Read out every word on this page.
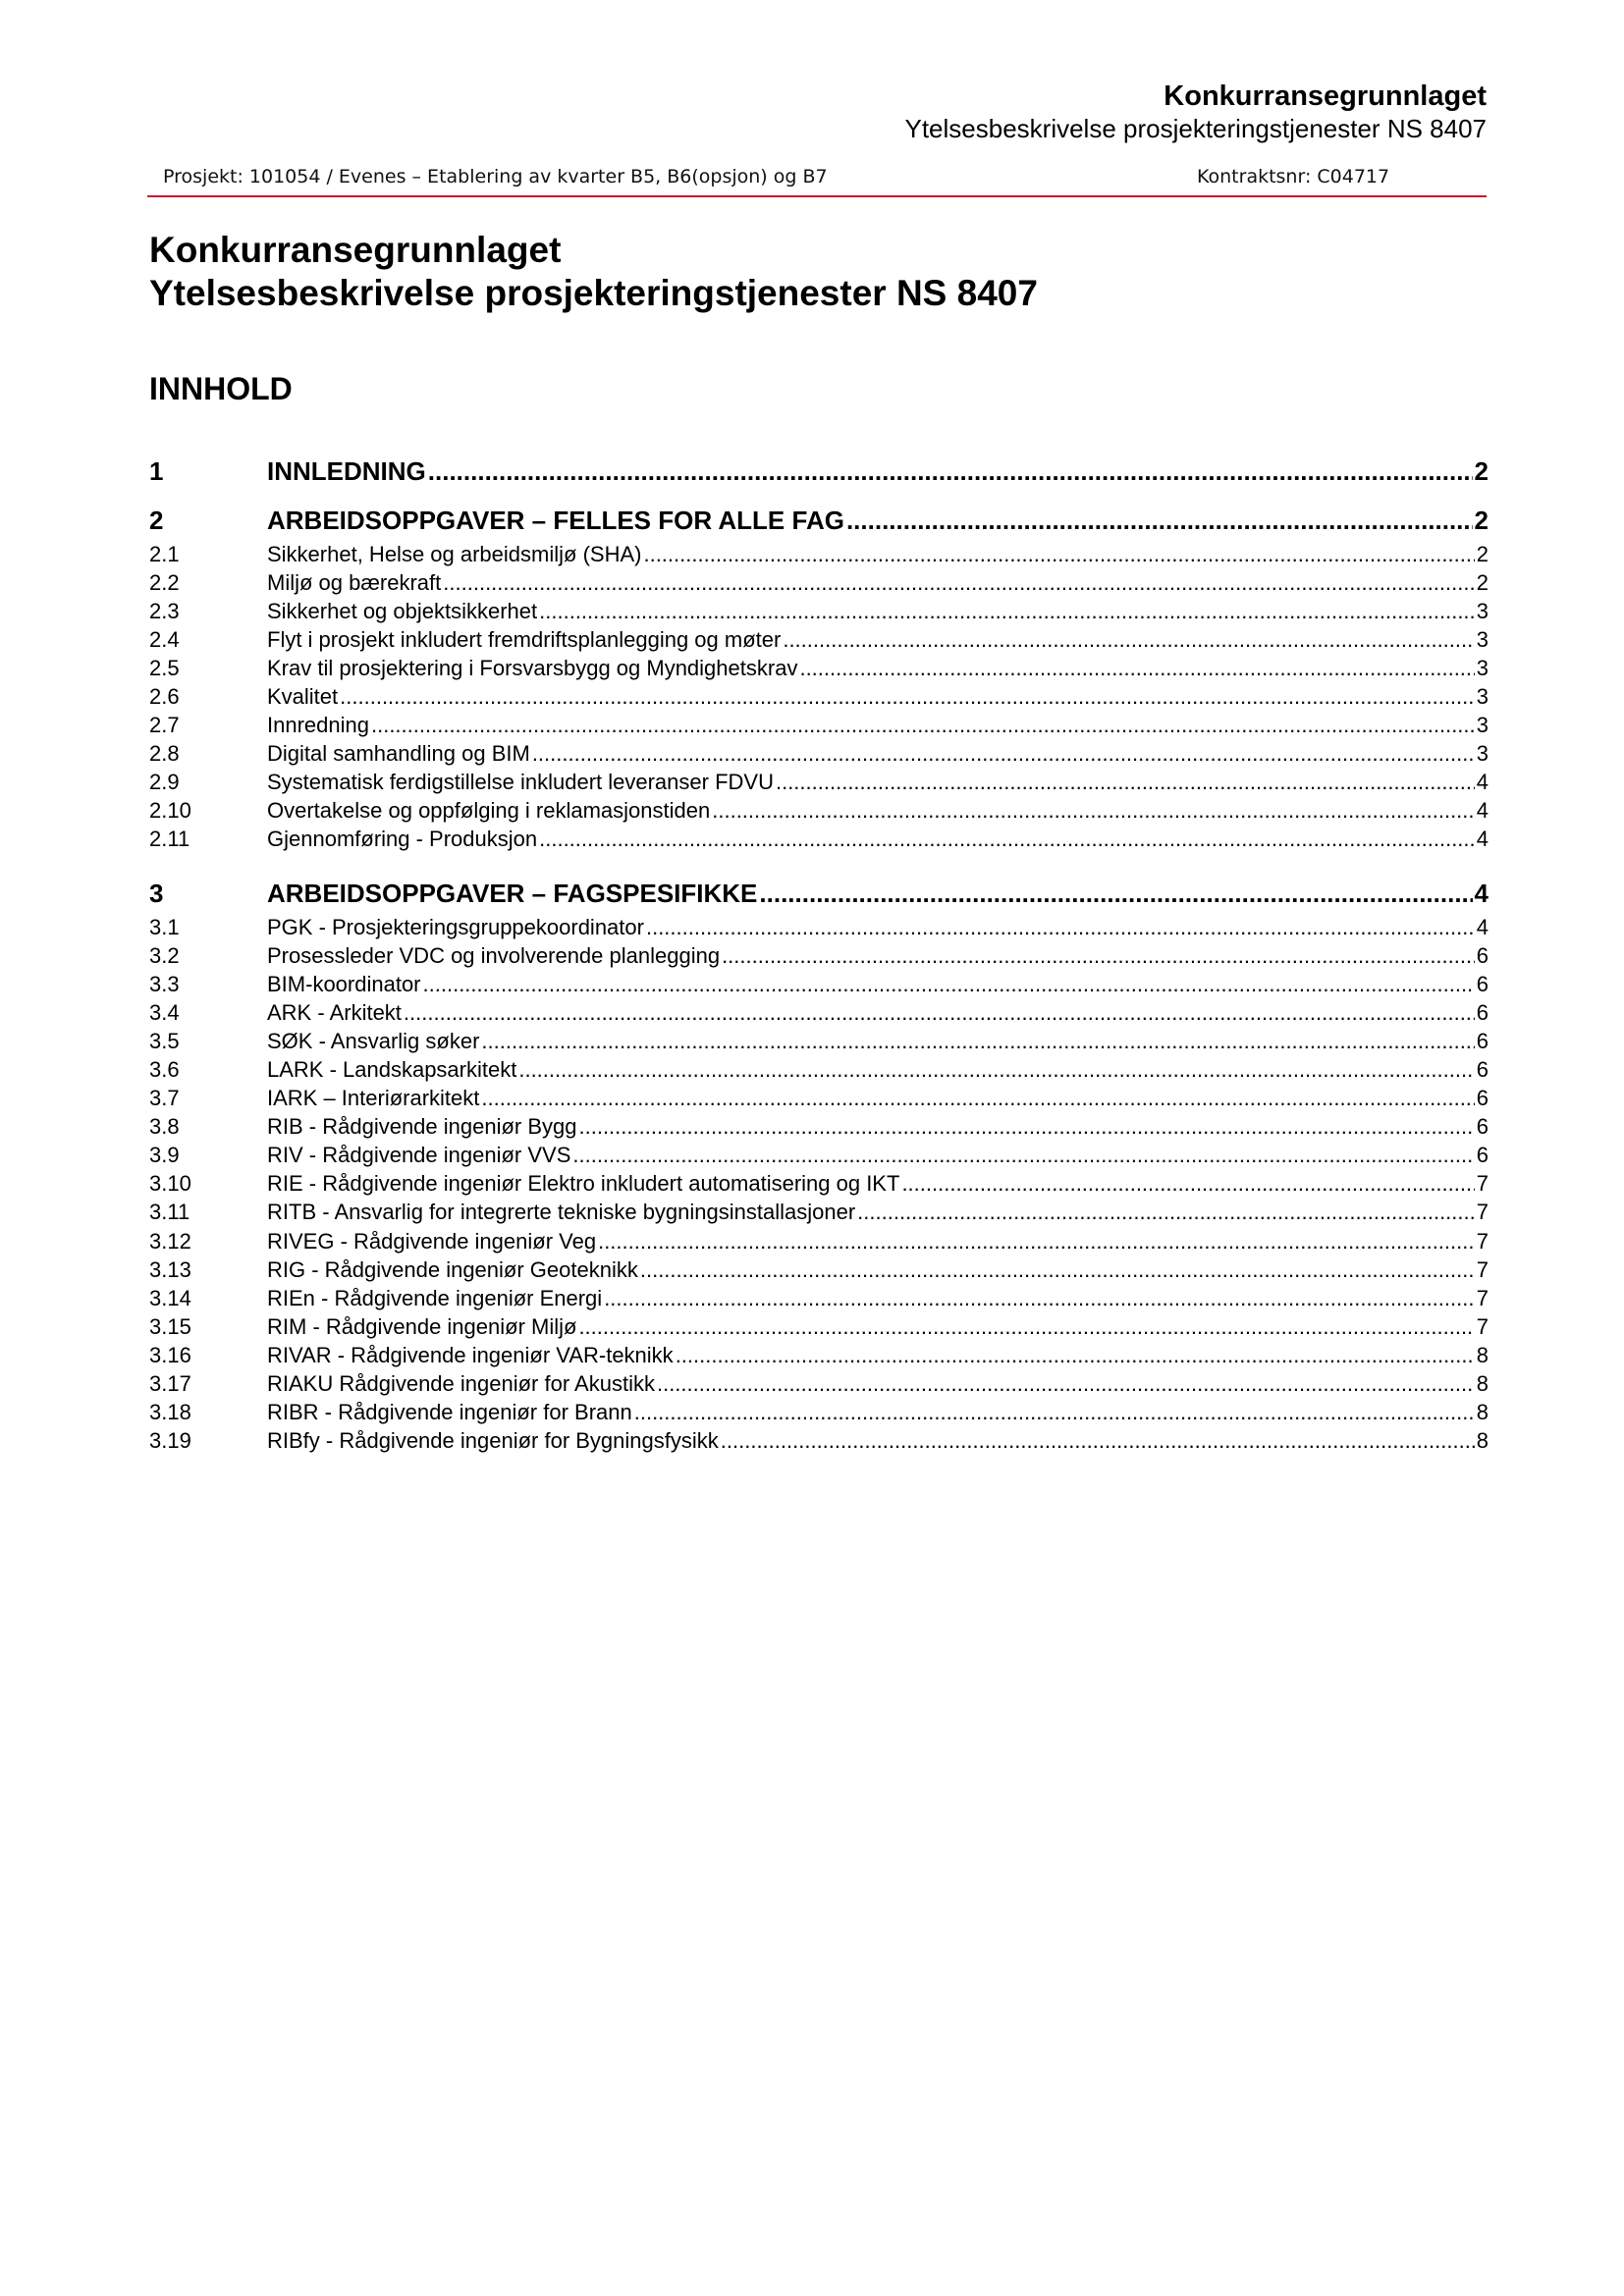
Konkurransegrunnlaget
Ytelsesbeskrivelse prosjekteringstjenester NS 8407
Prosjekt: 101054 / Evenes – Etablering av kvarter B5, B6(opsjon) og B7	Kontraktsnr: C04717
Konkurransegrunnlaget
Ytelsesbeskrivelse prosjekteringstjenester NS 8407
INNHOLD
1	INNLEDNING .....	2
2	ARBEIDSOPPGAVER – FELLES FOR ALLE FAG .....	2
2.1	Sikkerhet, Helse og arbeidsmiljø (SHA) .....	2
2.2	Miljø og bærekraft .....	2
2.3	Sikkerhet og objektsikkerhet .....	3
2.4	Flyt i prosjekt inkludert fremdriftsplanlegging og møter .....	3
2.5	Krav til prosjektering i Forsvarsbygg og Myndighetskrav .....	3
2.6	Kvalitet .....	3
2.7	Innredning .....	3
2.8	Digital samhandling og BIM .....	3
2.9	Systematisk ferdigstillelse inkludert leveranser FDVU .....	4
2.10	Overtakelse og oppfølging i reklamasjonstiden .....	4
2.11	Gjennomføring - Produksjon .....	4
3	ARBEIDSOPPGAVER – FAGSPESIFIKKE .....	4
3.1	PGK - Prosjekteringsgruppekoordinator .....	4
3.2	Prosessleder VDC og involverende planlegging .....	6
3.3	BIM-koordinator .....	6
3.4	ARK - Arkitekt .....	6
3.5	SØK - Ansvarlig søker .....	6
3.6	LARK - Landskapsarkitekt .....	6
3.7	IARK – Interiørarkitekt .....	6
3.8	RIB - Rådgivende ingeniør Bygg .....	6
3.9	RIV - Rådgivende ingeniør VVS .....	6
3.10	RIE - Rådgivende ingeniør Elektro inkludert automatisering og IKT .....	7
3.11	RITB - Ansvarlig for integrerte tekniske bygningsinstallasjoner .....	7
3.12	RIVEG - Rådgivende ingeniør Veg .....	7
3.13	RIG - Rådgivende ingeniør Geoteknikk .....	7
3.14	RIEn - Rådgivende ingeniør Energi .....	7
3.15	RIM - Rådgivende ingeniør Miljø .....	7
3.16	RIVAR - Rådgivende ingeniør VAR-teknikk .....	8
3.17	RIAKU Rådgivende ingeniør for Akustikk .....	8
3.18	RIBR - Rådgivende ingeniør for Brann .....	8
3.19	RIBfy - Rådgivende ingeniør for Bygningsfysikk .....	8
